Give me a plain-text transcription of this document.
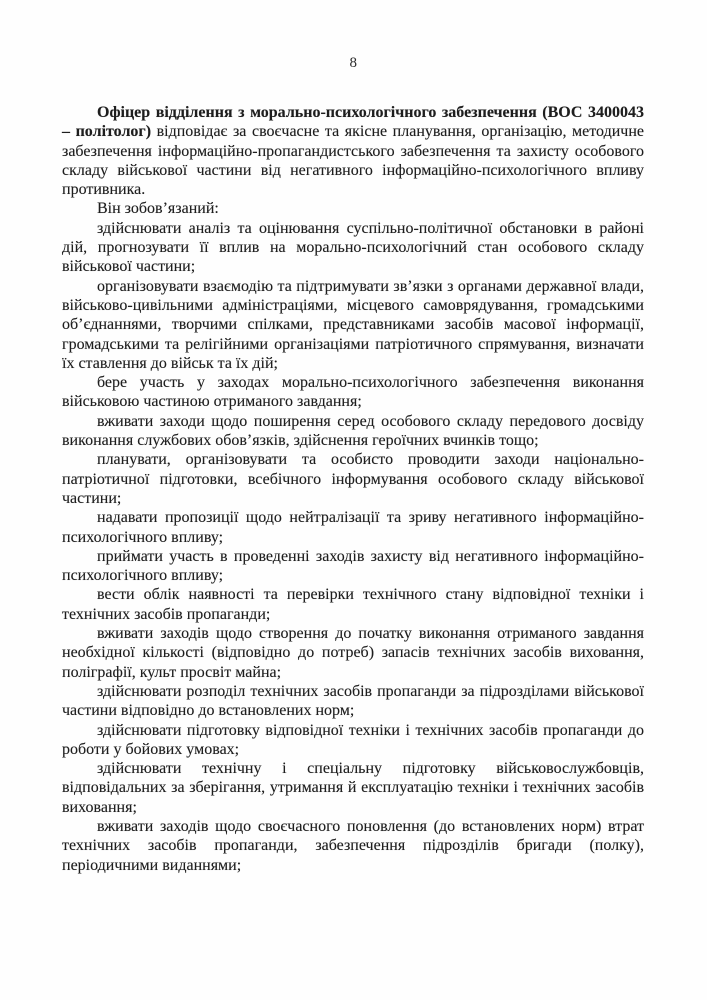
8

Офіцер відділення з морально-психологічного забезпечення (ВОС 3400043 – політолог) відповідає за своєчасне та якісне планування, організацію, методичне забезпечення інформаційно-пропагандистського забезпечення та захисту особового складу військової частини від негативного інформаційно-психологічного впливу противника.

Він зобов’язаний:

здійснювати аналіз та оцінювання суспільно-політичної обстановки в районі дій, прогнозувати її вплив на морально-психологічний стан особового складу військової частини;

організовувати взаємодію та підтримувати зв’язки з органами державної влади, військово-цивільними адміністраціями, місцевого самоврядування, громадськими об’єднаннями, творчими спілками, представниками засобів масової інформації, громадськими та релігійними організаціями патріотичного спрямування, визначати їх ставлення до військ та їх дій;

бере участь у заходах морально-психологічного забезпечення виконання військовою частиною отриманого завдання;

вживати заходи щодо поширення серед особового складу передового досвіду виконання службових обов’язків, здійснення героїчних вчинків тощо;

планувати, організовувати та особисто проводити заходи національно-патріотичної підготовки, всебічного інформування особового складу військової частини;

надавати пропозиції щодо нейтралізації та зриву негативного інформаційно-психологічного впливу;

приймати участь в проведенні заходів захисту від негативного інформаційно-психологічного впливу;

вести облік наявності та перевірки технічного стану відповідної техніки і технічних засобів пропаганди;

вживати заходів щодо створення до початку виконання отриманого завдання необхідної кількості (відповідно до потреб) запасів технічних засобів виховання, поліграфії, культ просвіт майна;

здійснювати розподіл технічних засобів пропаганди за підрозділами військової частини відповідно до встановлених норм;

здійснювати підготовку відповідної техніки і технічних засобів пропаганди до роботи у бойових умовах;

здійснювати технічну і спеціальну підготовку військовослужбовців, відповідальних за зберігання, утримання й експлуатацію техніки і технічних засобів виховання;

вживати заходів щодо своєчасного поновлення (до встановлених норм) втрат технічних засобів пропаганди, забезпечення підрозділів бригади (полку), періодичними виданнями;
